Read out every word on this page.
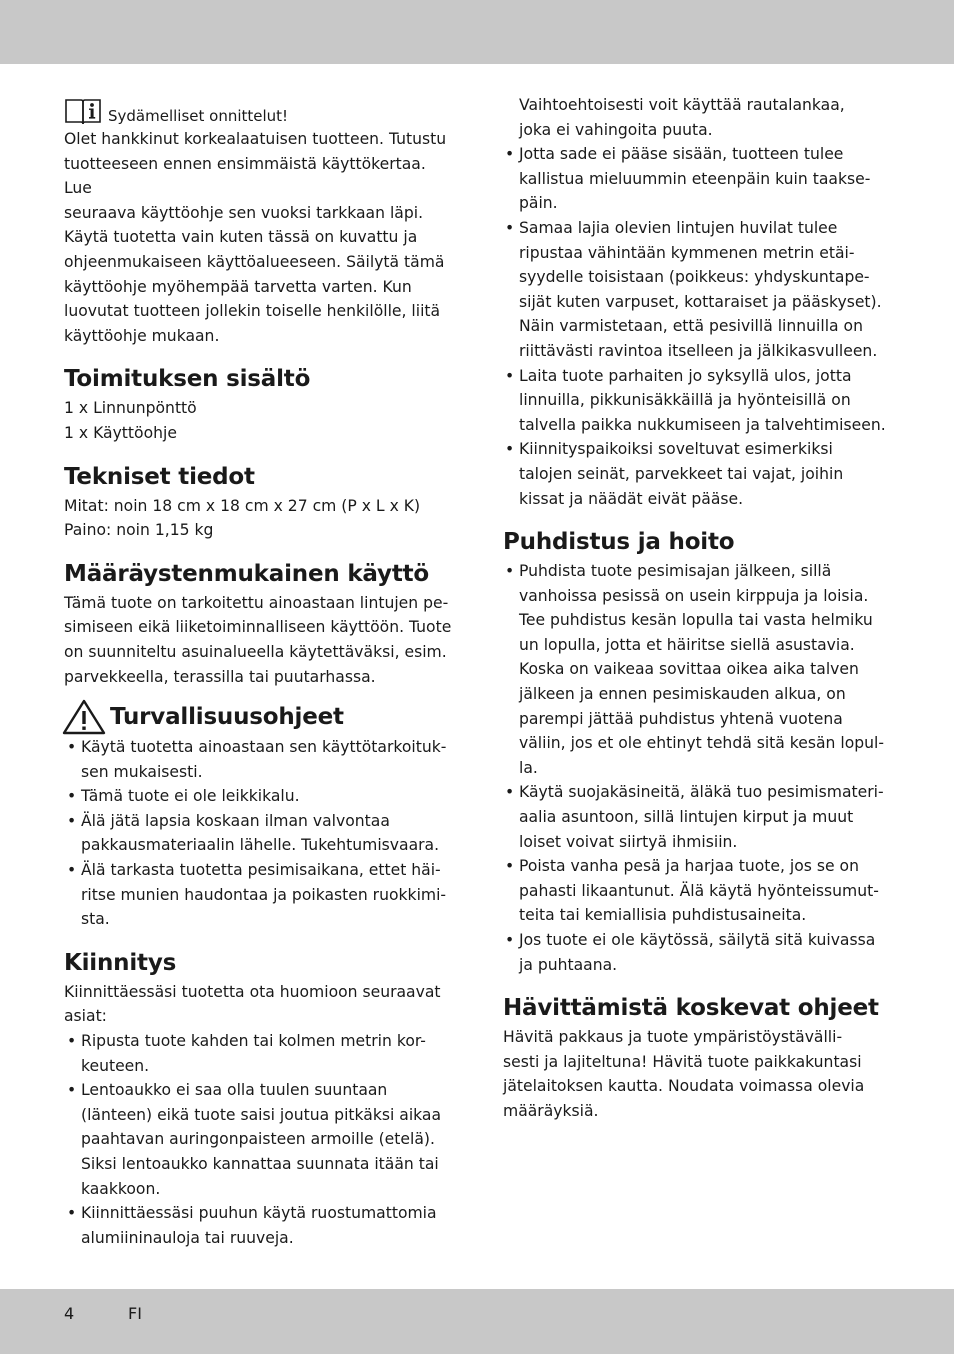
Sydämelliset onnittelut!

Olet hankkinut korkealaatuisen tuotteen. Tutustu
tuotteeseen ennen ensimmäistä käyttökertaa. Lue
seuraava käyttöohje sen vuoksi tarkkaan läpi.
Käytä tuotetta vain kuten tässä on kuvattu ja
ohjeenmukaiseen käyttöalueeseen. Säilytä tämä
käyttöohje myöhempää tarvetta varten. Kun
luovutat tuotteen jollekin toiselle henkilölle, liitä
käyttöohje mukaan.

Toimituksen sisältö

1 x Linnunpönttö
1 x Käyttöohje

Tekniset tiedot

Mitat: noin 18 cm x 18 cm x 27 cm (P x L x K)
Paino: noin 1,15 kg

Määräystenmukainen käyttö

Tämä tuote on tarkoitettu ainoastaan lintujen pe-
simiseen eikä liiketoiminnalliseen käyttöön. Tuote
on suunniteltu asuinalueella käytettäväksi, esim.
parvekkeella, terassilla tai puutarhassa.

Turvallisuusohjeet
• Käytä tuotetta ainoastaan sen käyttötarkoituk-
sen mukaisesti.
• Tämä tuote ei ole leikkikalu.
• Älä jätä lapsia koskaan ilman valvontaa
pakkausmateriaalin lähelle. Tukehtumisvaara.
• Älä tarkasta tuotetta pesimisaikana, ettet häi-
ritse munien haudontaa ja poikasten ruokkimi-
sta.
Kiinnitys

Kiinnittäessäsi tuotetta ota huomioon seuraavat
asiat:

• Ripusta tuote kahden tai kolmen metrin kor-
keuteen.
• Lentoaukko ei saa olla tuulen suuntaan
(länteen) eikä tuote saisi joutua pitkäksi aikaa
paahtavan auringonpaisteen armoille (etelä).
Siksi lentoaukko kannattaa suunnata itään tai
kaakkoon.
• Kiinnittäessäsi puuhun käytä ruostumattomia
alumiininauloja tai ruuveja.

Vaihtoehtoisesti voit käyttää rautalankaa,
joka ei vahingoita puuta.

• Jotta sade ei pääse sisään, tuotteen tulee
kallistua mieluummin eteenpäin kuin taakse-
päin.
• Samaa lajia olevien lintujen huvilat tulee
ripustaa vähintään kymmenen metrin etäi-
syydelle toisistaan (poikkeus: yhdyskuntape-
sijät kuten varpuset, kottaraiset ja pääskyset).
Näin varmistetaan, että pesivillä linnuilla on
riittävästi ravintoa itselleen ja jälkikasvulleen.
• Laita tuote parhaiten jo syksyllä ulos, jotta
linnuilla, pikkunisäkkäillä ja hyönteisillä on
talvella paikka nukkumiseen ja talvehtimiseen.
• Kiinnityspaikoiksi soveltuvat esimerkiksi
talojen seinät, parvekkeet tai vajat, joihin
kissat ja näädät eivät pääse.
Puhdistus ja hoito
• Puhdista tuote pesimisajan jälkeen, sillä
vanhoissa pesissä on usein kirppuja ja loisia.
Tee puhdistus kesän lopulla tai vasta helmiku
un lopulla, jotta et häiritse siellä asustavia.
Koska on vaikeaa sovittaa oikea aika talven
jälkeen ja ennen pesimiskauden alkua, on
parempi jättää puhdistus yhtenä vuotena
väliin, jos et ole ehtinyt tehdä sitä kesän lopul-
la.
• Käytä suojakäsineitä, äläkä tuo pesimismateri-
aalia asuntoon, sillä lintujen kirput ja muut
loiset voivat siirtyä ihmisiin.
• Poista vanha pesä ja harjaa tuote, jos se on
pahasti likaantunut. Älä käytä hyönteissumut-
teita tai kemiallisia puhdistusaineita.
• Jos tuote ei ole käytössä, säilytä sitä kuivassa
ja puhtaana.
Hävittämistä koskevat ohjeet

Hävitä pakkaus ja tuote ympäristöystävälli-
sesti ja lajiteltuna! Hävitä tuote paikkakuntasi
jätelaitoksen kautta. Noudata voimassa olevia
määräyksiä.

4	FI
